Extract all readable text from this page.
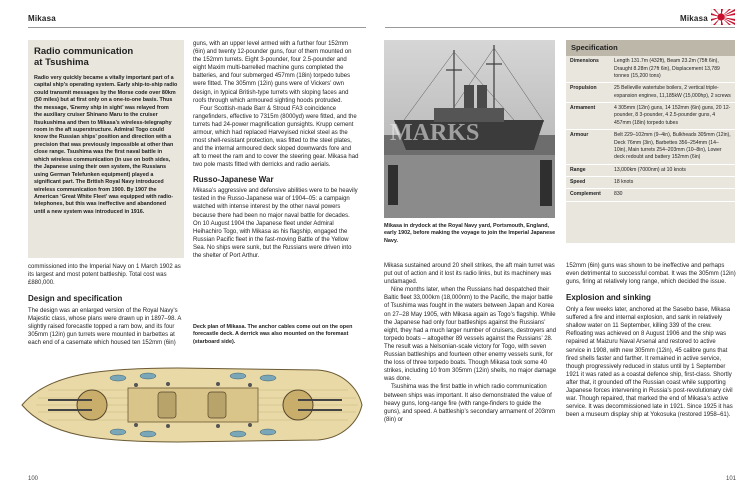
Mikasa	Mikasa
Radio communication
at Tsushima

Radio very quickly became a vitally important part of a capital ship’s operating system. Early ship-to-ship radio could transmit messages by the Morse code over 80km (50 miles) but at first only on a one-to-one basis. Thus the message, ‘Enemy ship in sight’ was relayed from the auxiliary cruiser Shinano Maru to the cruiser Itsukushima and then to Mikasa’s wireless-telegraphy room in the aft superstructure. Admiral Togo could know the Russian ships’ position and direction with a precision that was previously impossible at other than close range. Tsushima was the first naval battle in which wireless communication (in use on both sides, the Japanese using their own system, the Russians using German Telefunken equipment) played a significant part. The British Royal Navy introduced wireless communication from 1900. By 1907 the American ‘Great White Fleet’ was equipped with radio-telephones, but this was ineffective and abandoned until a new system was introduced in 1916.

commissioned into the Imperial Navy on 1 March 1902 as its largest and most potent battleship. Total cost was £880,000.

Design and specification

The design was an enlarged version of the Royal Navy’s Majestic class, whose plans were drawn up in 1897–98. A slightly raised forecastle topped a ram bow, and its four 305mm (12in) gun turrets were mounted in barbettes at each end of a casemate which housed ten 152mm (6in)

guns, with an upper level armed with a further four 152mm (6in) and twenty 12-pounder guns, four of them mounted on the 152mm turrets. Eight 3-pounder, four 2.5-pounder and eight Maxim multi-barrelled machine guns completed the batteries, and four submerged 457mm (18in) torpedo tubes were fitted. The 305mm (12in) guns were of Vickers’ own design, in typical British-type turrets with sloping faces and roofs through which armoured sighting hoods protruded.

Four Scottish-made Barr & Stroud FA3 coincidence rangefinders, effective to 7315m (8000yd) were fitted, and the turrets had 24-power magnification gunsights. Krupp cement armour, which had replaced Harveyised nickel steel as the most shell-resistant protection, was fitted to the steel plates, and the internal armoured deck sloped downwards fore and aft to meet the ram and to cover the steering gear. Mikasa had two pole masts fitted with derricks and radio aerials.

Russo-Japanese War

Mikasa’s aggressive and defensive abilities were to be heavily tested in the Russo-Japanese war of 1904–05: a campaign watched with intense interest by the other naval powers because there had been no major naval battle for decades. On 10 August 1904 the Japanese fleet under Admiral Heihachiro Togo, with Mikasa as his flagship, engaged the Russian Pacific fleet in the fast-moving Battle of the Yellow Sea. No ships were sunk, but the Russians were driven into the shelter of Port Arthur.

Deck plan of Mikasa. The anchor cables come out on the open forecastle deck. A derrick was also mounted on the foremast (starboard side).
MARKS
Mikasa in drydock at the Royal Navy yard, Portsmouth, England, early 1902, before making the voyage to join the Imperial Japanese Navy.
Specification
Dimensions	Length 131.7m (432ft), Beam 23.2m (75ft 6in), Draught 8.28m (27ft 6in), Displacement 13,789 tonnes (15,200 tons)
Propulsion	25 Belleville watertube boilers, 2 vertical triple-expansion engines, 11,185kW (15,000hp), 2 screws
Armament	4 305mm (12in) guns, 14 152mm (6in) guns, 20 12-pounder, 8 3-pounder, 4 2.5-pounder guns, 4 457mm (18in) torpedo tubes
Armour	Belt 229–102mm (9–4in), Bulkheads 305mm (12in), Deck 76mm (3in), Barbettes 356–254mm (14–10in), Main turrets 254–203mm (10–8in), Lower deck redoubt and battery 152mm (6in)
Range	13,000km (7000nm) at 10 knots
Speed	18 knots
Complement	830

Mikasa sustained around 20 shell strikes, the aft main turret was put out of action and it lost its radio links, but its machinery was undamaged.

Nine months later, when the Russians had despatched their Baltic fleet 33,000km (18,000nm) to the Pacific, the major battle of Tsushima was fought in the waters between Japan and Korea on 27–28 May 1905, with Mikasa again as Togo’s flagship. While the Japanese had only four battleships against the Russians’ eight, they had a much larger number of cruisers, destroyers and torpedo boats – altogether 89 vessels against the Russians’ 28. The result was a Nelsonian-scale victory for Togo, with seven Russian battleships and fourteen other enemy vessels sunk, for the loss of three torpedo boats. Though Mikasa took some 40 strikes, including 10 from 305mm (12in) shells, no major damage was done.

Tsushima was the first battle in which radio communication between ships was important. It also demonstrated the value of heavy guns, long-range fire (with range-finders to guide the guns), and speed. A battleship’s secondary armament of 203mm (8in) or

152mm (6in) guns was shown to be ineffective and perhaps even detrimental to successful combat. It was the 305mm (12in) guns, firing at relatively long range, which decided the issue.

Explosion and sinking

Only a few weeks later, anchored at the Sasebo base, Mikasa suffered a fire and internal explosion, and sank in relatively shallow water on 11 September, killing 339 of the crew. Refloating was achieved on 8 August 1906 and the ship was repaired at Maizuru Naval Arsenal and restored to active service in 1908, with new 305mm (12in), 45 calibre guns that fired shells faster and farther. It remained in active service, though progressively reduced in status until by 1 September 1921 it was rated as a coastal defence ship, first-class. Shortly after that, it grounded off the Russian coast while supporting Japanese forces intervening in Russia’s post-revolutionary civil war. Though repaired, that marked the end of Mikasa’s active service. It was decommissioned late in 1921. Since 1925 it has been a museum display ship at Yokosuka (restored 1958–61).

100	101
